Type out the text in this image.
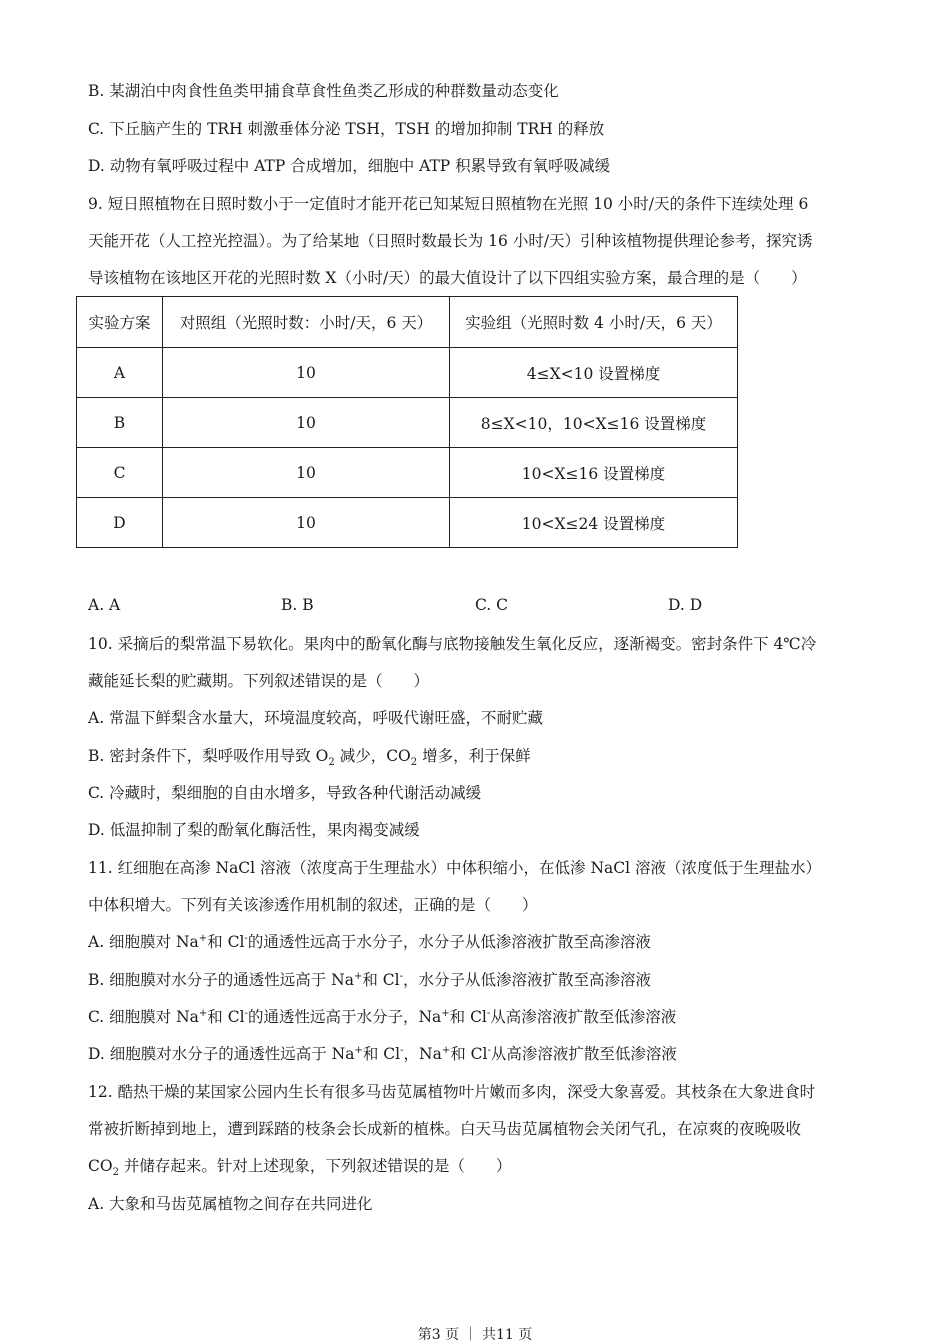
B. 某湖泊中肉食性鱼类甲捕食草食性鱼类乙形成的种群数量动态变化
C. 下丘脑产生的 TRH 刺激垂体分泌 TSH，TSH 的增加抑制 TRH 的释放
D. 动物有氧呼吸过程中 ATP 合成增加，细胞中 ATP 积累导致有氧呼吸减缓
9. 短日照植物在日照时数小于一定值时才能开花已知某短日照植物在光照 10 小时/天的条件下连续处理 6
天能开花（人工控光控温）。为了给某地（日照时数最长为 16 小时/天）引种该植物提供理论参考，探究诱
导该植物在该地区开花的光照时数 X（小时/天）的最大值设计了以下四组实验方案，最合理的是（　　）
实验方案	对照组（光照时数：小时/天，6 天）	实验组（光照时数 4 小时/天，6 天）
A	10	4≤X<10 设置梯度
B	10	8≤X<10，10<X≤16 设置梯度
C	10	10<X≤16 设置梯度
D	10	10<X≤24 设置梯度
A. A	B. B	C. C	D. D
10. 采摘后的梨常温下易软化。果肉中的酚氧化酶与底物接触发生氧化反应，逐渐褐变。密封条件下 4℃冷
藏能延长梨的贮藏期。下列叙述错误的是（　　）
A. 常温下鲜梨含水量大，环境温度较高，呼吸代谢旺盛，不耐贮藏
B. 密封条件下，梨呼吸作用导致 $O_2$ 减少，$CO_2$ 增多，利于保鲜
C. 冷藏时，梨细胞的自由水增多，导致各种代谢活动减缓
D. 低温抑制了梨的酚氧化酶活性，果肉褐变减缓
11. 红细胞在高渗 NaCl 溶液（浓度高于生理盐水）中体积缩小，在低渗 NaCl 溶液（浓度低于生理盐水）
中体积增大。下列有关该渗透作用机制的叙述，正确的是（　　）
A. 细胞膜对 Na+和 Cl-的通透性远高于水分子，水分子从低渗溶液扩散至高渗溶液
B. 细胞膜对水分子的通透性远高于 Na+和 Cl-，水分子从低渗溶液扩散至高渗溶液
C. 细胞膜对 Na+和 Cl-的通透性远高于水分子，Na+和 Cl-从高渗溶液扩散至低渗溶液
D. 细胞膜对水分子的通透性远高于 Na+和 Cl-，Na+和 Cl-从高渗溶液扩散至低渗溶液
12. 酷热干燥的某国家公园内生长有很多马齿苋属植物叶片嫩而多肉，深受大象喜爱。其枝条在大象进食时
常被折断掉到地上，遭到踩踏的枝条会长成新的植株。白天马齿苋属植物会关闭气孔，在凉爽的夜晚吸收
$CO_2$ 并储存起来。针对上述现象，下列叙述错误的是（　　）
A. 大象和马齿苋属植物之间存在共同进化
第3 页 ｜ 共11 页
